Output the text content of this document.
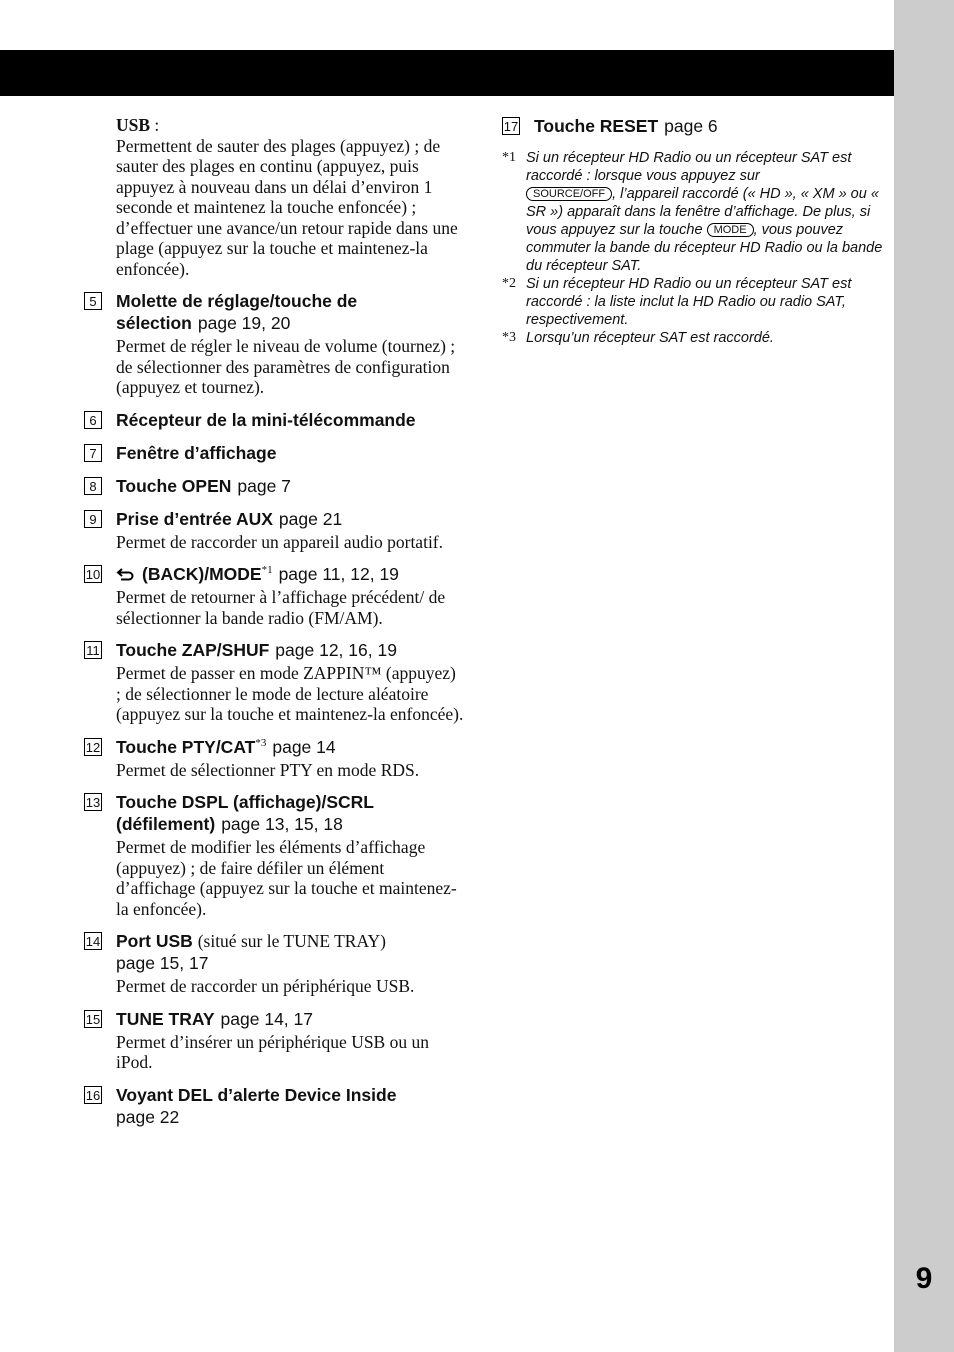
9
USB :
Permettent de sauter des plages (appuyez) ; de sauter des plages en continu (appuyez, puis appuyez à nouveau dans un délai d’environ 1 seconde et maintenez la touche enfoncée) ; d’effectuer une avance/un retour rapide dans une plage (appuyez sur la touche et maintenez-la enfoncée).
5	Molette de réglage/touche de sélection page 19, 20
Permet de régler le niveau de volume (tournez) ; de sélectionner des paramètres de configuration (appuyez et tournez).
6	Récepteur de la mini-télécommande
7	Fenêtre d’affichage
8	Touche OPEN page 7
9	Prise d’entrée AUX page 21
Permet de raccorder un appareil audio portatif.
10	(BACK)/MODE$^{*1}$ page 11, 12, 19
Permet de retourner à l’affichage précédent/ de sélectionner la bande radio (FM/AM).
11 Touche ZAP/SHUF page 12, 16, 19
Permet de passer en mode ZAPPIN™ (appuyez) ; de sélectionner le mode de lecture aléatoire (appuyez sur la touche et maintenez-la enfoncée).
12 Touche PTY/CAT$^{*3}$ page 14
Permet de sélectionner PTY en mode RDS.
13 Touche DSPL (affichage)/SCRL (défilement) page 13, 15, 18
Permet de modifier les éléments d’affichage (appuyez) ; de faire défiler un élément d’affichage (appuyez sur la touche et maintenez-la enfoncée).
14 Port USB (situé sur le TUNE TRAY)
page 15, 17
Permet de raccorder un périphérique USB.
15 TUNE TRAY page 14, 17
Permet d’insérer un périphérique USB ou un iPod.
16 Voyant DEL d’alerte Device Inside
page 22
17 Touche RESET page 6
*1 Si un récepteur HD Radio ou un récepteur SAT est raccordé : lorsque vous appuyez sur
SOURCE/OFF , l’appareil raccordé (« HD », « XM » ou « SR ») apparaît dans la fenêtre d’affichage. De plus, si vous appuyez sur la touche MODE , vous pouvez commuter la bande du récepteur HD Radio ou la bande du récepteur SAT.
*2 Si un récepteur HD Radio ou un récepteur SAT est raccordé : la liste inclut la HD Radio ou radio SAT, respectivement.
*3 Lorsqu’un récepteur SAT est raccordé.
